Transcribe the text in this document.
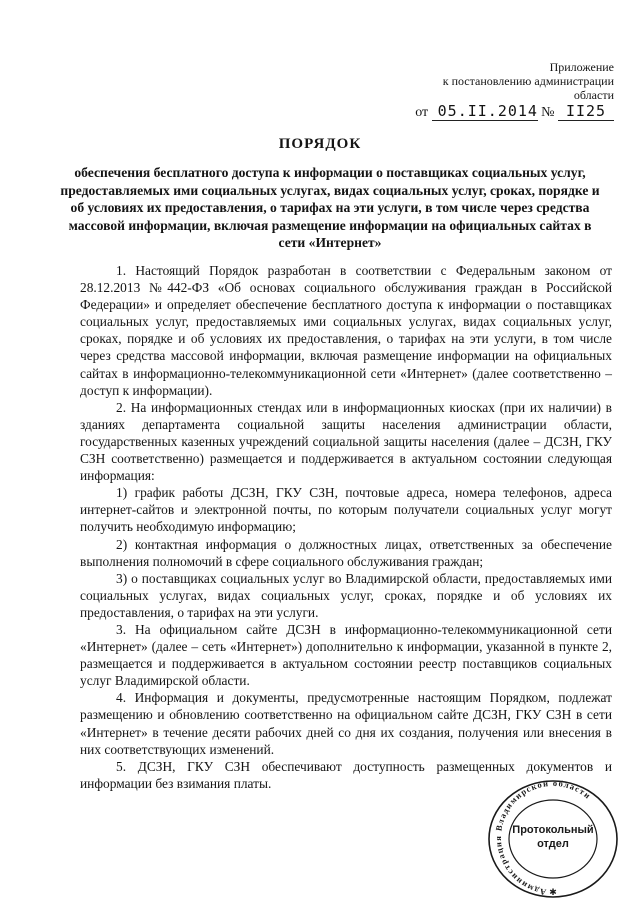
Приложение
к постановлению администрации
области
от 05.II.2014 № II25
ПОРЯДОК
обеспечения бесплатного доступа к информации о поставщиках социальных услуг, предоставляемых ими социальных услугах, видах социальных услуг, сроках, порядке и об условиях их предоставления, о тарифах на эти услуги, в том числе через средства массовой информации, включая размещение информации на официальных сайтах в сети «Интернет»

1. Настоящий Порядок разработан в соответствии с Федеральным законом от 28.12.2013 №442-ФЗ «Об основах социального обслуживания граждан в Российской Федерации» и определяет обеспечение бесплатного доступа к информации о поставщиках социальных услуг, предоставляемых ими социальных услугах, видах социальных услуг, сроках, порядке и об условиях их предоставления, о тарифах на эти услуги, в том числе через средства массовой информации, включая размещение информации на официальных сайтах в информационно-телекоммуникационной сети «Интернет» (далее соответственно – доступ к информации).

2. На информационных стендах или в информационных киосках (при их наличии) в зданиях департамента социальной защиты населения администрации области, государственных казенных учреждений социальной защиты населения (далее – ДСЗН, ГКУ СЗН соответственно) размещается и поддерживается в актуальном состоянии следующая информация:

1) график работы ДСЗН, ГКУ СЗН, почтовые адреса, номера телефонов, адреса интернет-сайтов и электронной почты, по которым получатели социальных услуг могут получить необходимую информацию;

2) контактная информация о должностных лицах, ответственных за обеспечение выполнения полномочий в сфере социального обслуживания граждан;

3) о поставщиках социальных услуг во Владимирской области, предоставляемых ими социальных услугах, видах социальных услуг, сроках, порядке и об условиях их предоставления, о тарифах на эти услуги.

3. На официальном сайте ДСЗН в информационно-телекоммуникационной сети «Интернет» (далее – сеть «Интернет») дополнительно к информации, указанной в пункте 2, размещается и поддерживается в актуальном состоянии реестр поставщиков социальных услуг Владимирской области.

4. Информация и документы, предусмотренные настоящим Порядком, подлежат размещению и обновлению соответственно на официальном сайте ДСЗН, ГКУ СЗН в сети «Интернет» в течение десяти рабочих дней со дня их создания, получения или внесения в них соответствующих изменений.

5. ДСЗН, ГКУ СЗН обеспечивают доступность размещенных документов и информации без взимания платы.

Администрация Владимирской области
✱
Протокольный
отдел
